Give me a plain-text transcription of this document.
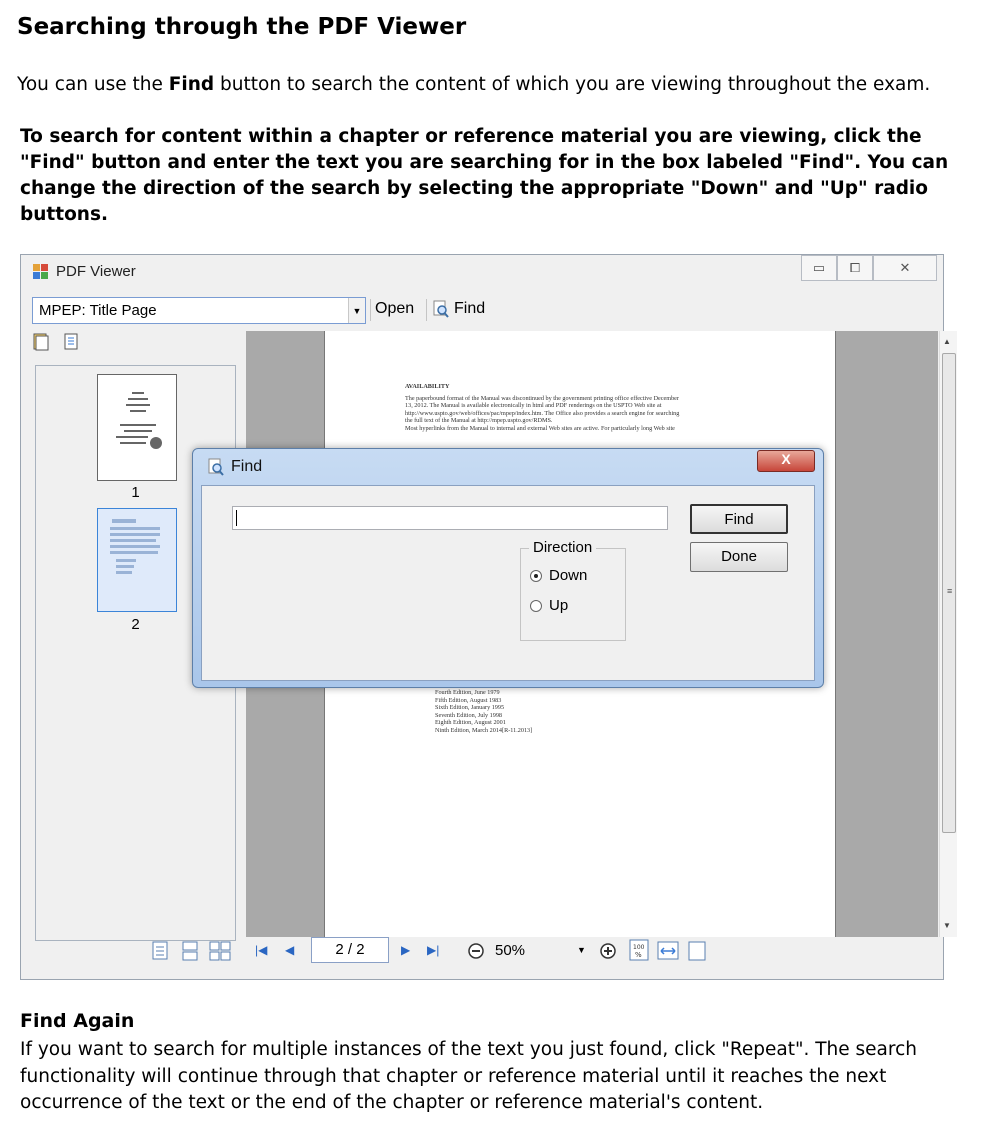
Searching through the PDF Viewer
You can use the Find button to search the content of which you are viewing throughout the exam.
To search for content within a chapter or reference material you are viewing, click the "Find" button and enter the text you are searching for in the box labeled "Find". You can change the direction of the search by selecting the appropriate "Down" and "Up" radio buttons.
PDF Viewer	▭	⧠	✕
MPEP: Title Page	▼ Open Find
1
2
AVAILABILITY
The paperbound format of the Manual was discontinued by the government printing office effective December
13, 2012. The Manual is available electronically in html and PDF renderings on the USPTO Web site at
http://www.uspto.gov/web/offices/pac/mpep/index.htm. The Office also provides a search engine for searching
the full text of the Manual at http://mpep.uspto.gov/RDMS.
Most hyperlinks from the Manual to internal and external Web sites are active. For particularly long Web site
Fourth Edition, June 1979
Fifth Edition, August 1983
Sixth Edition, January 1995
Seventh Edition, July 1998
Eighth Edition, August 2001
Ninth Edition, March 2014[R-11.2013]
▲
≡
▼
|◀ ◀	2 / 2	▶ ▶|	50%	▼	100
%
Find	X
Find
Done
Direction
Down
Up
Find Again
If you want to search for multiple instances of the text you just found, click "Repeat". The search functionality will continue through that chapter or reference material until it reaches the next occurrence of the text or the end of the chapter or reference material's content.
